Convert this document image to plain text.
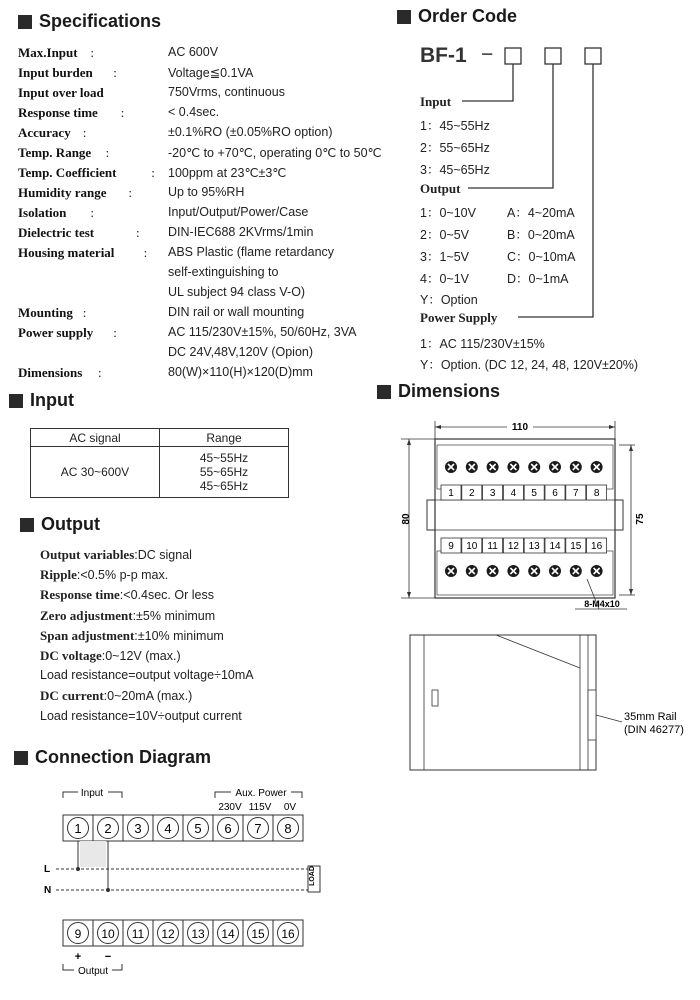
Specifications
Max.Input :	AC 600V
Input burden :	Voltage≦0.1VA
Input over load	750Vrms, continuous
Response time :	< 0.4sec.
Accuracy :	±0.1%RO (±0.05%RO option)
Temp. Range :	-20℃ to +70℃, operating 0℃ to 50℃
Temp. Coefficient	: 100ppm at 23℃±3℃
Humidity range :	Up to 95%RH
Isolation :	Input/Output/Power/Case
Dielectric test	: DIN-IEC688 2KVrms/1min
Housing material : ABS Plastic (flame retardancy
self-extinguishing to
UL subject 94 class V-O)
Mounting :	DIN rail or wall mounting
Power supply :	AC 115/230V±15%, 50/60Hz, 3VA
DC 24V,48V,120V (Opion)
Dimensions :	80(W)×110(H)×120(D)mm
Order Code
BF-1 −
Input
1：45~55Hz
2：55~65Hz
3：45~65Hz
Output
1：0~10V A：4~20mA
2：0~5V	B：0~20mA
3：1~5V	C：0~10mA
4：0~1V	D：0~1mA
Y：Option
Power Supply
1：AC 115/230V±15%
Y：Option. (DC 12, 24, 48, 120V±20%)
Input
AC signal	Range
AC 30~600V	45~55Hz
55~65Hz
45~65Hz
Output
Output variables:DC signal
Ripple:<0.5% p-p max.
Response time:<0.4sec. Or less
Zero adjustment:±5% minimum
Span adjustment:±10% minimum
DC voltage:0~12V (max.)
Load resistance=output voltage÷10mA
DC current:0~20mA (max.)
Load resistance=10V÷output current
Connection Diagram
Input	Aux. Power
230V 115V 0V
1 2 3 4 5 6 7 8
L
N
LOAD
9 10 11 12 13 14 15 16
+ −
Output
Dimensions
110
80	75
1 2 3 4 5 6 7 8
9 10 11 12 13 14 15 16
8-M4x10
35mm Rail
(DIN 46277)
